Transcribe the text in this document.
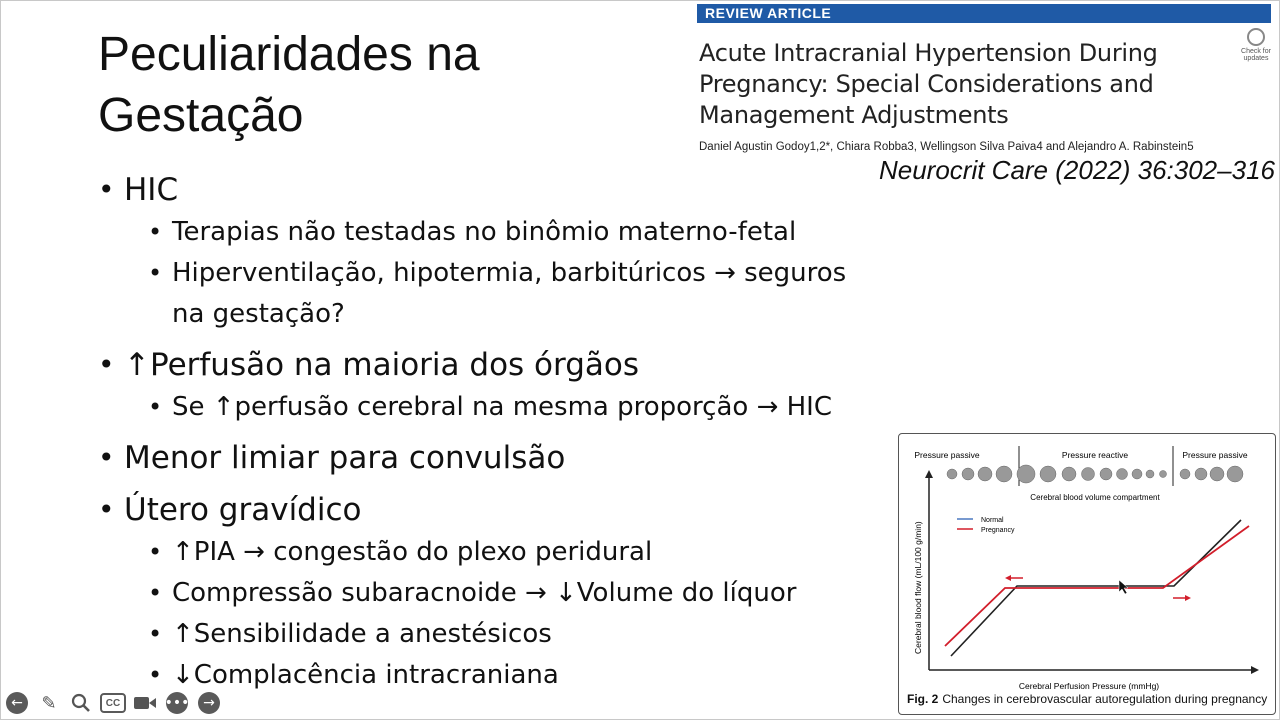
Peculiaridades na
Gestação
• HIC
• Terapias não testadas no binômio materno-fetal
• Hiperventilação, hipotermia, barbitúricos → seguros na gestação?
• ↑Perfusão na maioria dos órgãos
• Se ↑perfusão cerebral na mesma proporção → HIC
• Menor limiar para convulsão
• Útero gravídico
• ↑PIA → congestão do plexo peridural
• Compressão subaracnoide → ↓Volume do líquor
• ↑Sensibilidade a anestésicos
• ↓Complacência intracraniana
REVIEW ARTICLE
Acute Intracranial Hypertension During Pregnancy: Special Considerations and Management Adjustments
Daniel Agustin Godoy1,2*, Chiara Robba3, Wellingson Silva Paiva4 and Alejandro A. Rabinstein5
Check for updates
Neurocrit Care (2022) 36:302–316
Pressure passive	Pressure reactive	Pressure passive
Cerebral blood volume compartment
Cerebral blood flow (mL/100 g/min)
Cerebral Perfusion Pressure (mmHg)
Normal
Pregnancy
Fig. 2 Changes in cerebrovascular autoregulation during pregnancy
←	✎	CC	••• →
